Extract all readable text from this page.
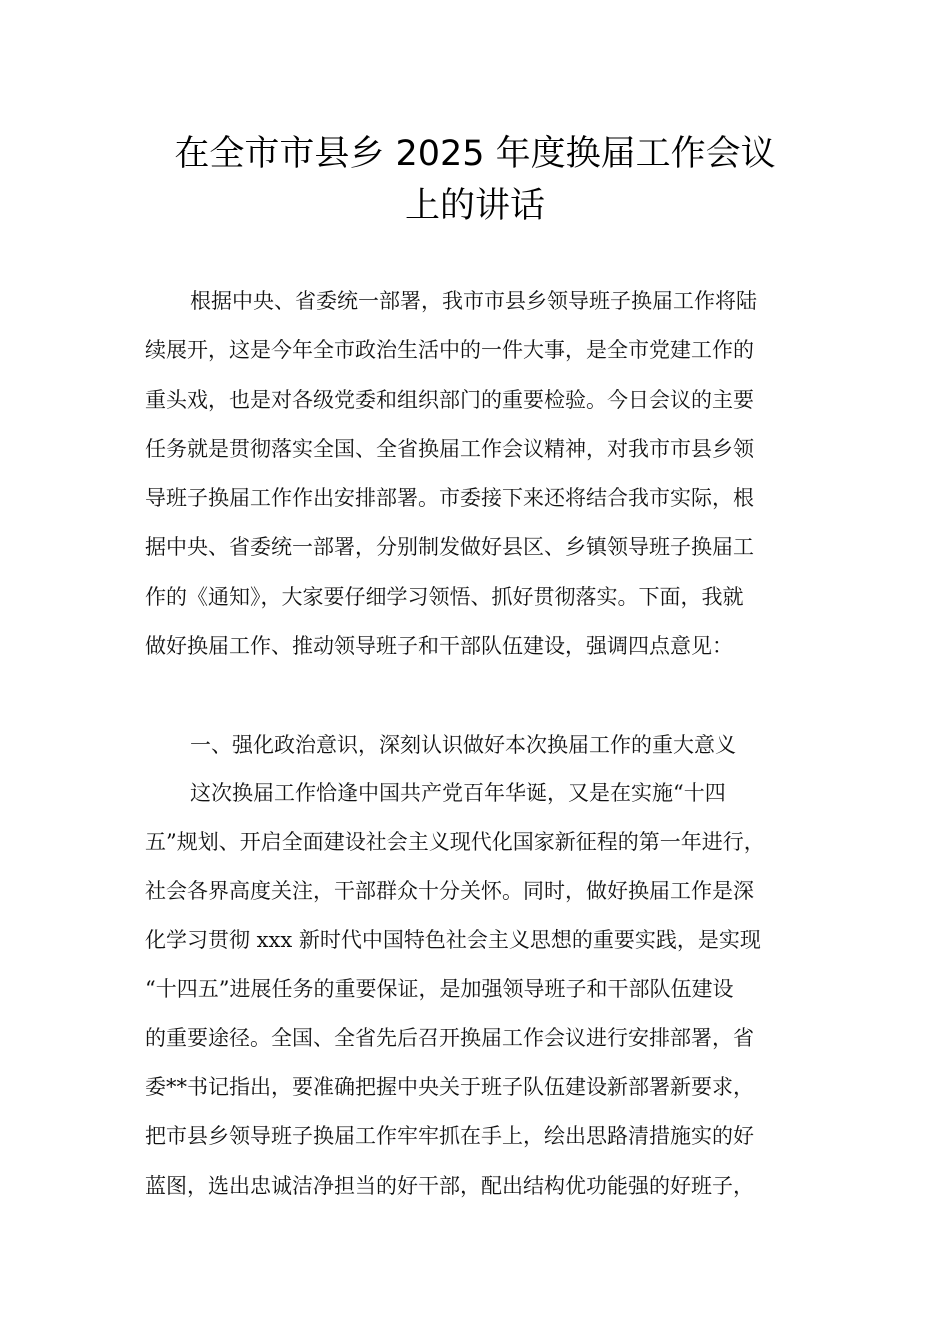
在全市市县乡 2025 年度换届工作会议
上的讲话
根据中央、省委统一部署，我市市县乡领导班子换届工作将陆
续展开，这是今年全市政治生活中的一件大事，是全市党建工作的
重头戏，也是对各级党委和组织部门的重要检验。今日会议的主要
任务就是贯彻落实全国、全省换届工作会议精神，对我市市县乡领
导班子换届工作作出安排部署。市委接下来还将结合我市实际，根
据中央、省委统一部署，分别制发做好县区、乡镇领导班子换届工
作的《通知》，大家要仔细学习领悟、抓好贯彻落实。下面，我就
做好换届工作、推动领导班子和干部队伍建设，强调四点意见：
一、强化政治意识，深刻认识做好本次换届工作的重大意义
这次换届工作恰逢中国共产党百年华诞，又是在实施“十四
五”规划、开启全面建设社会主义现代化国家新征程的第一年进行，
社会各界高度关注，干部群众十分关怀。同时，做好换届工作是深
化学习贯彻 xxx 新时代中国特色社会主义思想的重要实践，是实现
“十四五”进展任务的重要保证，是加强领导班子和干部队伍建设
的重要途径。全国、全省先后召开换届工作会议进行安排部署，省
委**书记指出，要准确把握中央关于班子队伍建设新部署新要求，
把市县乡领导班子换届工作牢牢抓在手上，绘出思路清措施实的好
蓝图，选出忠诚洁净担当的好干部，配出结构优功能强的好班子，
